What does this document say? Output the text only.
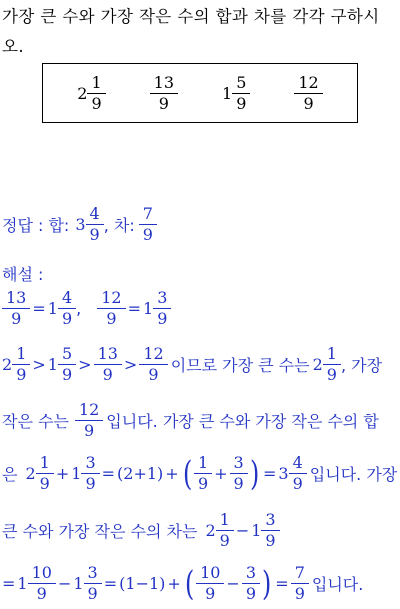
가장 큰 수와 가장 작은 수의 합과 차를 각각 구하시
오.
$2 \frac{1}{9}$	$\frac{13}{9}$	$1 \frac{5}{9}$	$\frac{12}{9}$
정답 : 합: $3 \frac{4}{9}$ , 차: $\frac{7}{9}$
해설 :
$\frac{13}{9} = 1 \frac{4}{9}$ , $\frac{12}{9} = 1 \frac{3}{9}$
$2 \frac{1}{9} > 1 \frac{5}{9} > \frac{13}{9} > \frac{12}{9}$ 이므로 가장 큰 수는 $2 \frac{1}{9}$ , 가장
작은 수는 $\frac{12}{9}$ 입니다. 가장 큰 수와 가장 작은 수의 합
은 $2 \frac{1}{9} + 1 \frac{3}{9} = (2+1)$ + ( $\frac{1}{9} + \frac{3}{9}$ ) = $3 \frac{4}{9}$ 입니다. 가장
큰 수와 가장 작은 수의 차는 $2 \frac{1}{9} - 1 \frac{3}{9}$
= $1 \frac{10}{9} - 1 \frac{3}{9} = (1-1)$ + ( $\frac{10}{9} - \frac{3}{9}$ ) = $\frac{7}{9}$ 입니다.
